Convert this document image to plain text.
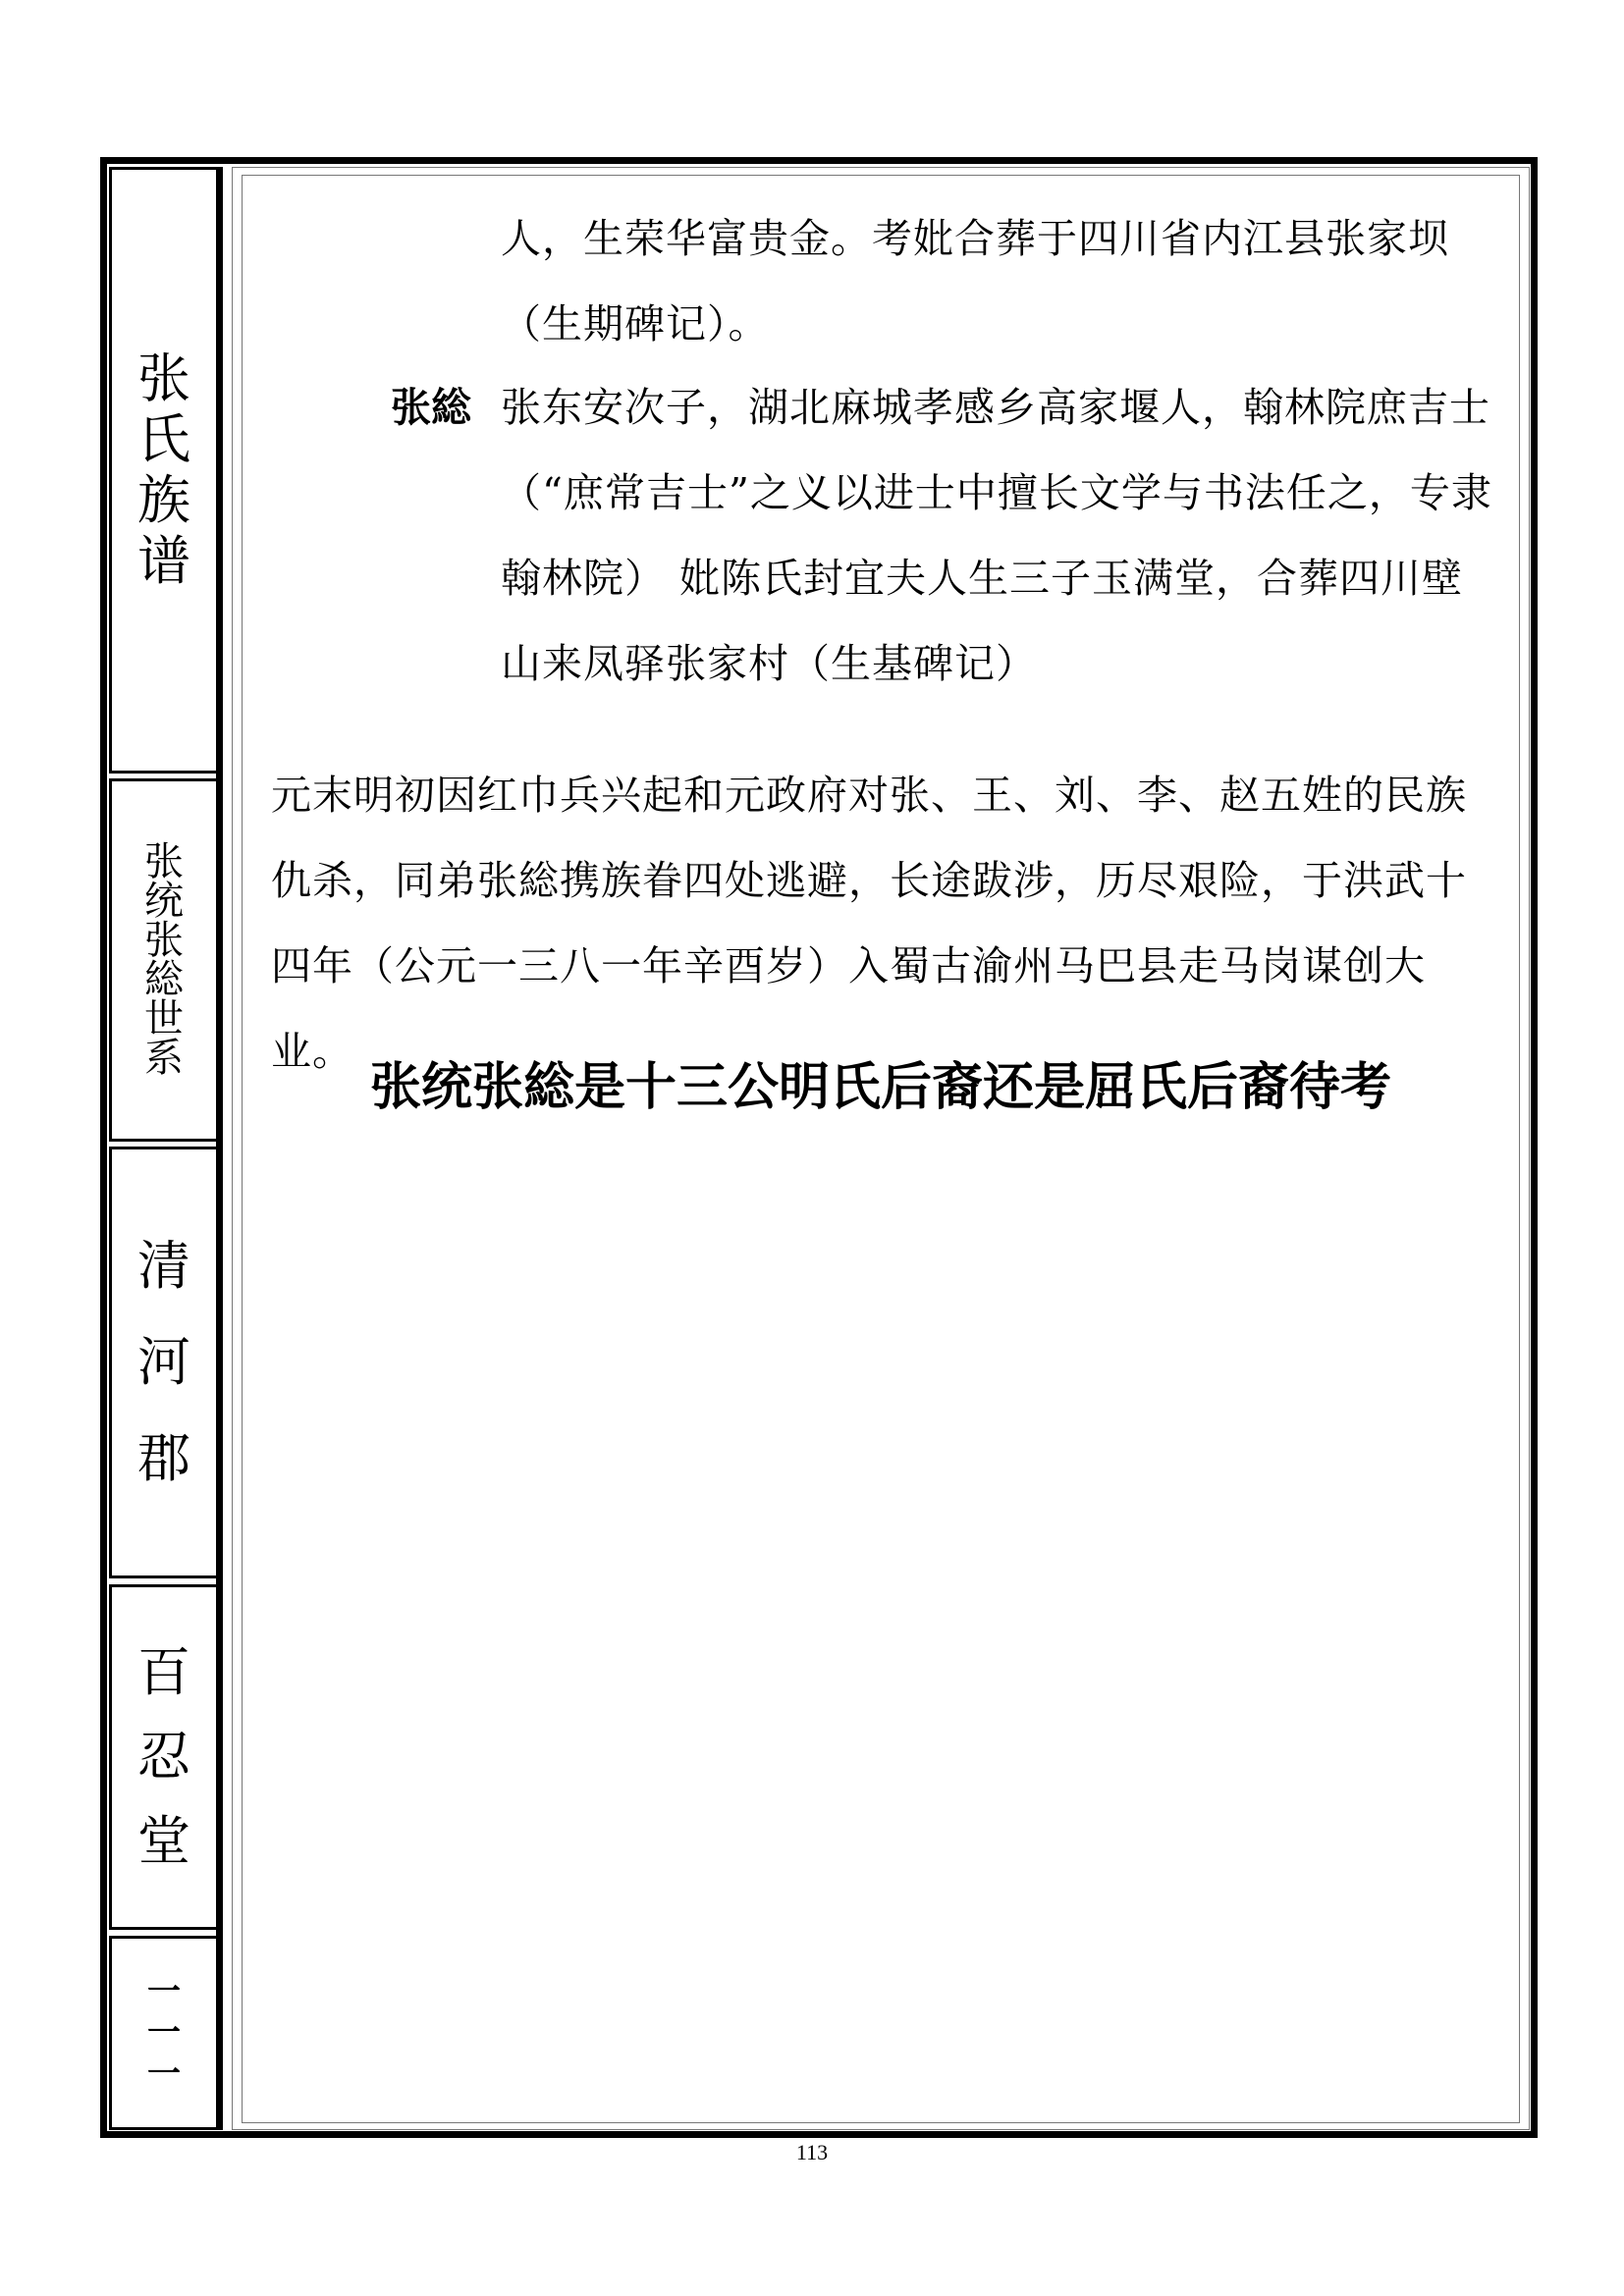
张
氏
族
谱
张
统
张
総
世
系
清
河
郡
百
忍
堂
一
一
一

人，生荣华富贵金。考妣合葬于四川省内江县张家坝（生期碑记）。

张総 张东安次子，湖北麻城孝感乡高家堰人，翰林院庶吉士（“庶常吉士”之义以进士中擅长文学与书法任之，专隶翰林院） 妣陈氏封宜夫人生三子玉满堂，合葬四川壁山来凤驿张家村（生基碑记）

元末明初因红巾兵兴起和元政府对张、王、刘、李、赵五姓的民族仇杀，同弟张総携族眷四处逃避，长途跋涉，历尽艰险，于洪武十四年（公元一三八一年辛酉岁）入蜀古渝州马巴县走马岗谋创大业。

张统张総是十三公明氏后裔还是屈氏后裔待考
113
